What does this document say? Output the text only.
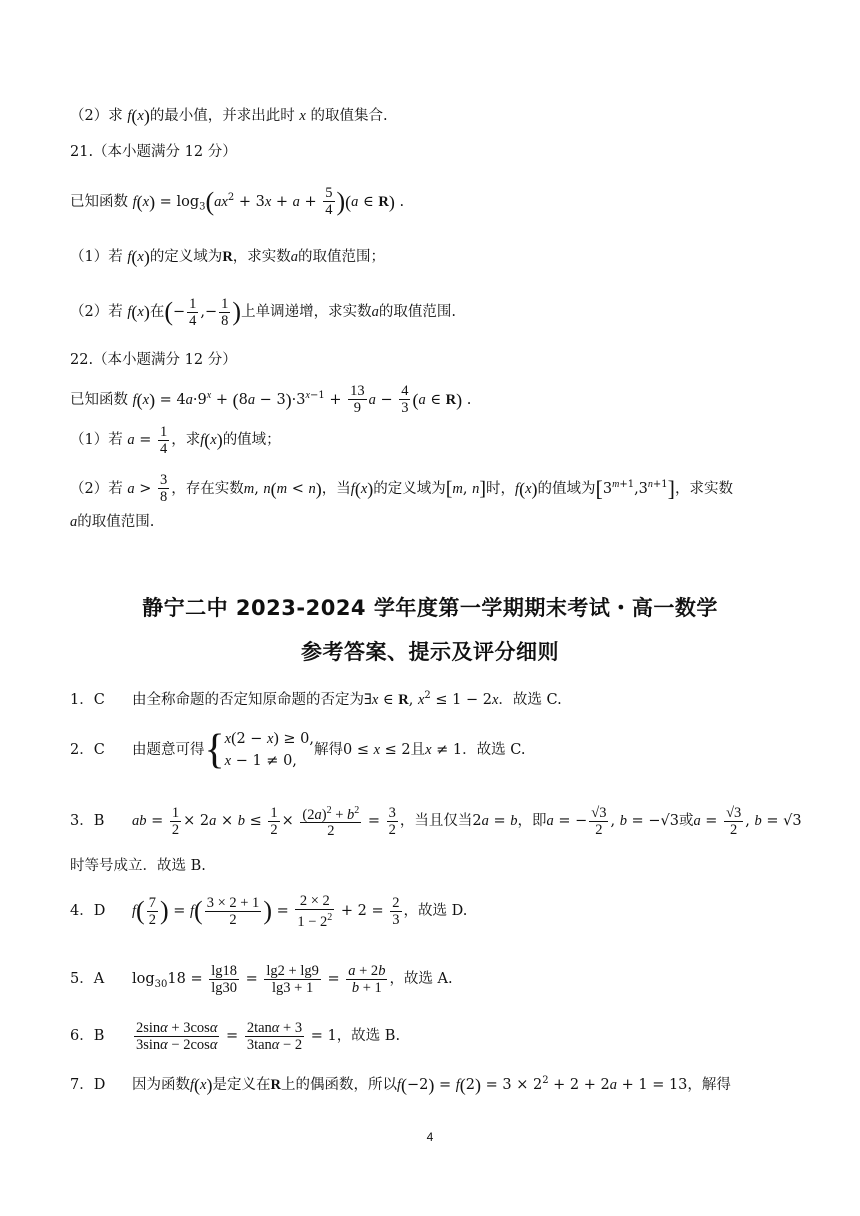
（2）求 f(x)的最小值，并求出此时 x 的取值集合.
21.（本小题满分 12 分）
已知函数 $f(x) = \log_3(ax^2 + 3x + a + \frac{5}{4} )(a$ ∈ R) .
（1）若 f(x)的定义域为R，求实数a的取值范围；
（2）若 f(x)在(− $\frac{1}{4}$ ,− $\frac{1}{8}$ )上单调递增，求实数a的取值范围.
22.（本小题满分 12 分）
已知函数 $f(x) = 4a\cdot 9^x + (8a - 3)\cdot 3^{x-1} + \frac{13}{9}$ $a - \frac{4}{3} (a$ ∈ R) .
（1）若 $a = \frac{1}{4}$ ，求f(x)的值域；
（2）若 $a > \frac{3}{8}$ ，存在实数m, n(m < n)，当f(x)的定义域为[m, n]时，f(x)的值域为$[3^{m+1},3^{n+1}]$，求实数
a的取值范围.
静宁二中 2023-2024 学年度第一学期期末考试・高一数学
参考答案、提示及评分细则
1．C 由全称命题的否定知原命题的否定为∃x ∈ R, $x^2 \le 1 - 2x$．故选 C.
2．C 由题意可得{ x(2 − x) ≥ 0,
x − 1 ≠ 0,
解得0 ≤ x ≤ 2且x ≠ 1．故选 C.
3．B ab = $\frac{1}{2} \times 2a \times b \le \frac{1}{2} \times \frac{(2a)^2 + b^2}{2} = \frac{3}{2}$ ，当且仅当2a = b，即a = − $\frac{√3}{2}$ , b = −√3或$a = \frac{√3}{2}$ , b = √3
时等号成立．故选 B.
4．D $f( \frac{7}{2}$ ) = $f( \frac{3 \times 2 + 1}{2}$ ) = $\frac{2 \times 2}{1 - 2^2} + 2 = \frac{2}{3}$ ，故选 D.
5．A $\log_{30}18 = \frac{\lg 18}{\lg 30} = \frac{\lg 2 + \lg 9}{\lg 3 + 1} = \frac{a + 2b}{b + 1}$ ，故选 A.
6．B $\frac{2\sin\alpha + 3\cos\alpha}{3\sin\alpha - 2\cos\alpha} = \frac{2\tan\alpha + 3}{3\tan\alpha - 2} = 1$，故选 B.
7．D 因为函数f(x)是定义在R上的偶函数，所以$f(-2) = f(2) = 3 \times 2^2 + 2 + 2a + 1 = 13$，解得
4
